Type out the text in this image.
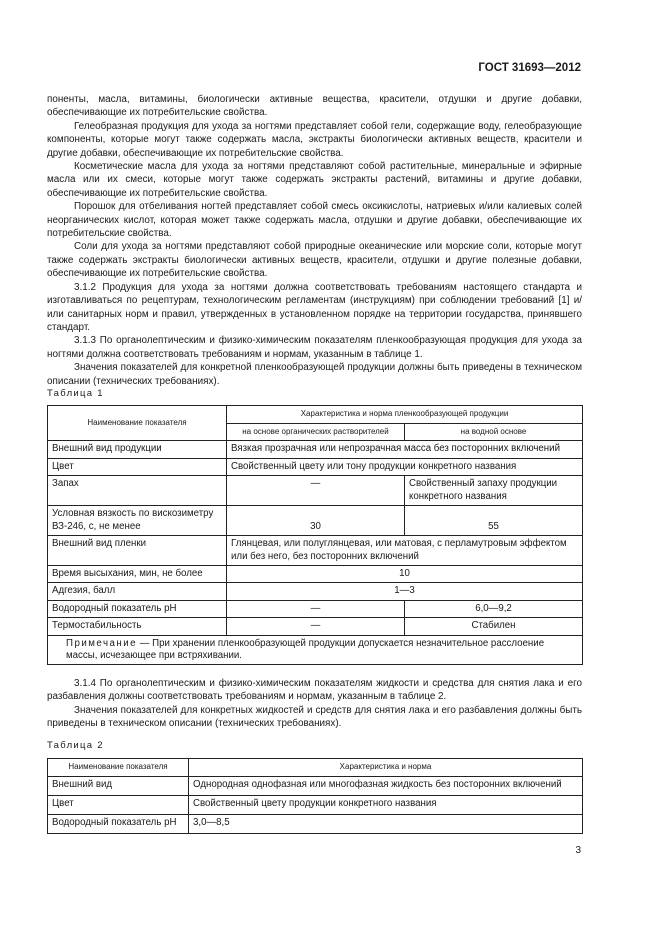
ГОСТ 31693—2012

поненты, масла, витамины, биологически активные вещества, красители, отдушки и другие добавки, обеспечивающие их потребительские свойства.

Гелеобразная продукция для ухода за ногтями представляет собой гели, содержащие воду, гелеобразующие компоненты, которые могут также содержать масла, экстракты биологически активных веществ, красители и другие добавки, обеспечивающие их потребительские свойства.

Косметические масла для ухода за ногтями представляют собой растительные, минеральные и эфирные масла или их смеси, которые могут также содержать экстракты растений, витамины и другие добавки, обеспечивающие их потребительские свойства.

Порошок для отбеливания ногтей представляет собой смесь оксикислоты, натриевых и/или калиевых солей неорганических кислот, которая может также содержать масла, отдушки и другие добавки, обеспечивающие их потребительские свойства.

Соли для ухода за ногтями представляют собой природные океанические или морские соли, которые могут также содержать экстракты биологически активных веществ, красители, отдушки и другие полезные добавки, обеспечивающие их потребительские свойства.

3.1.2 Продукция для ухода за ногтями должна соответствовать требованиям настоящего стандарта и изготавливаться по рецептурам, технологическим регламентам (инструкциям) при соблюдении требований [1] и/или санитарных норм и правил, утвержденных в установленном порядке на территории государства, принявшего стандарт.

3.1.3 По органолептическим и физико-химическим показателям пленкообразующая продукция для ухода за ногтями должна соответствовать требованиям и нормам, указанным в таблице 1.

Значения показателей для конкретной пленкообразующей продукции должны быть приведены в техническом описании (технических требованиях).

Таблица 1
Наименование показателя	Характеристика и норма пленкообразующей продукции	
	на основе органических растворителей	на водной основе
Внешний вид продукции	Вязкая прозрачная или непрозрачная масса без посторонних включений	
Цвет	Свойственный цвету или тону продукции конкретного названия	
Запах	—	Свойственный запаху продукции конкретного названия
Условная вязкость по вискозиметру ВЗ-246, с, не менее	30	55
Внешний вид пленки	Глянцевая, или полуглянцевая, или матовая, с перламутровым эффектом или без него, без посторонних включений	
Время высыхания, мин, не более	10	
Адгезия, балл	1—3	
Водородный показатель pH	—	6,0—9,2
Термостабильность	—	Стабилен
Примечание — При хранении пленкообразующей продукции допускается незначительное расслоение массы, исчезающее при встряхивании.		

3.1.4 По органолептическим и физико-химическим показателям жидкости и средства для снятия лака и его разбавления должны соответствовать требованиям и нормам, указанным в таблице 2.

Значения показателей для конкретных жидкостей и средств для снятия лака и его разбавления должны быть приведены в техническом описании (технических требованиях).

Таблица 2
Наименование показателя	Характеристика и норма
Внешний вид	Однородная однофазная или многофазная жидкость без посторонних включений
Цвет	Свойственный цвету продукции конкретного названия
Водородный показатель pH	3,0—8,5
3
